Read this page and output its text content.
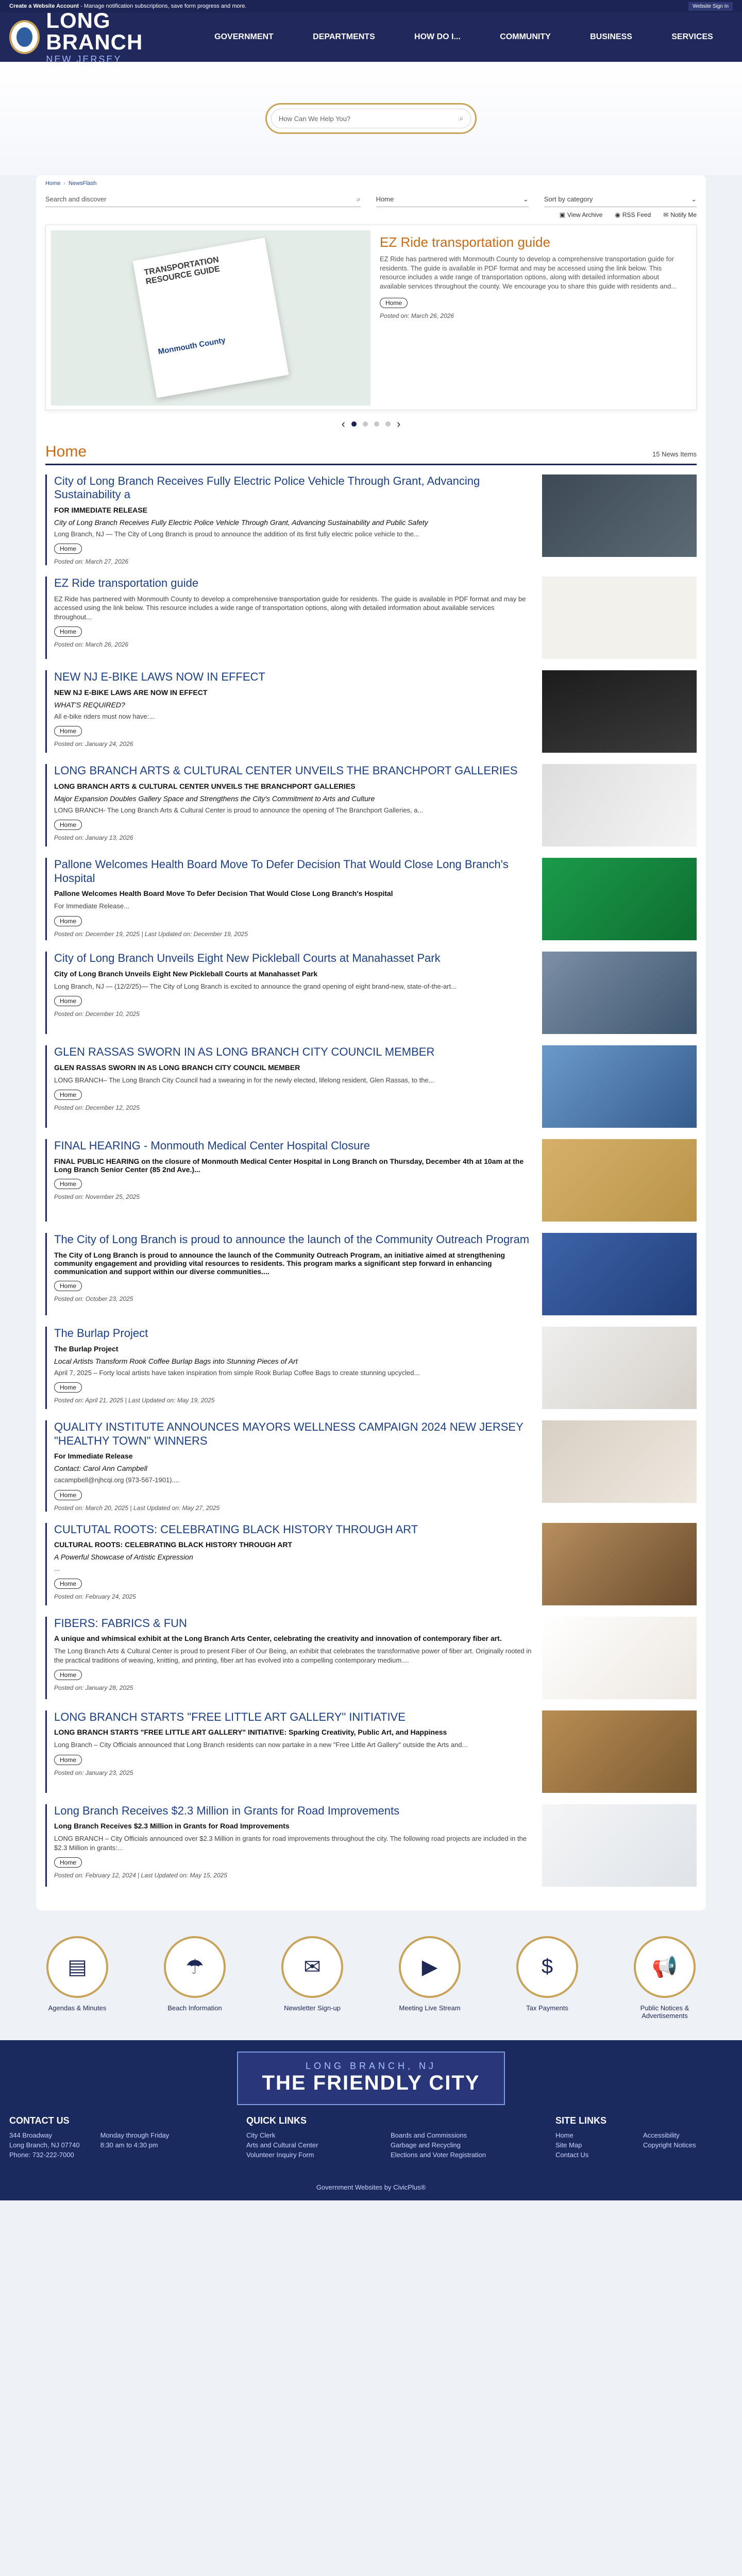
Create a Website Account - Manage notification subscriptions, save form progress and more.	Website Sign In
LONG BRANCH
NEW JERSEY
GOVERNMENT	DEPARTMENTS	HOW DO I...	COMMUNITY	BUSINESS	SERVICES
How Can We Help You?	⌕
Home › NewsFlash
Search and discover	⌕ Home	⌄ Sort by category	⌄
▣ View Archive ◉ RSS Feed ✉ Notify Me
TRANSPORTATION RESOURCE GUIDE
Monmouth County
EZ Ride transportation guide
EZ Ride has partnered with Monmouth County to develop a comprehensive transportation guide for residents. The guide is available in PDF format and may be accessed using the link below. This resource includes a wide range of transportation options, along with detailed information about available services throughout the county. We encourage you to share this guide with residents and...
Home
Posted on: March 26, 2026
‹	›
Home	15 News Items
City of Long Branch Receives Fully Electric Police Vehicle Through Grant, Advancing Sustainability a
FOR IMMEDIATE RELEASE
City of Long Branch Receives Fully Electric Police Vehicle Through Grant, Advancing Sustainability and Public Safety
Long Branch, NJ — The City of Long Branch is proud to announce the addition of its first fully electric police vehicle to the...
Home
Posted on: March 27, 2026
EZ Ride transportation guide
EZ Ride has partnered with Monmouth County to develop a comprehensive transportation guide for residents. The guide is available in PDF format and may be accessed using the link below. This resource includes a wide range of transportation options, along with detailed information about available services throughout...
Home
Posted on: March 26, 2026
NEW NJ E-BIKE LAWS NOW IN EFFECT
NEW NJ E-BIKE LAWS ARE NOW IN EFFECT
WHAT'S REQUIRED?
All e-bike riders must now have:...
Home
Posted on: January 24, 2026
LONG BRANCH ARTS & CULTURAL CENTER UNVEILS THE BRANCHPORT GALLERIES
LONG BRANCH ARTS & CULTURAL CENTER UNVEILS THE BRANCHPORT GALLERIES
Major Expansion Doubles Gallery Space and Strengthens the City's Commitment to Arts and Culture
LONG BRANCH- The Long Branch Arts & Cultural Center is proud to announce the opening of The Branchport Galleries, a...
Home
Posted on: January 13, 2026
Pallone Welcomes Health Board Move To Defer Decision That Would Close Long Branch's Hospital
Pallone Welcomes Health Board Move To Defer Decision That Would Close Long Branch's Hospital
For Immediate Release...
Home
Posted on: December 19, 2025 | Last Updated on: December 19, 2025
City of Long Branch Unveils Eight New Pickleball Courts at Manahasset Park
City of Long Branch Unveils Eight New Pickleball Courts at Manahasset Park
Long Branch, NJ — (12/2/25)— The City of Long Branch is excited to announce the grand opening of eight brand-new, state-of-the-art...
Home
Posted on: December 10, 2025
GLEN RASSAS SWORN IN AS LONG BRANCH CITY COUNCIL MEMBER
GLEN RASSAS SWORN IN AS LONG BRANCH CITY COUNCIL MEMBER
LONG BRANCH– The Long Branch City Council had a swearing in for the newly elected, lifelong resident, Glen Rassas, to the...
Home
Posted on: December 12, 2025
FINAL HEARING - Monmouth Medical Center Hospital Closure
FINAL PUBLIC HEARING on the closure of Monmouth Medical Center Hospital in Long Branch on Thursday, December 4th at 10am at the Long Branch Senior Center (85 2nd Ave.)...
Home
Posted on: November 25, 2025
The City of Long Branch is proud to announce the launch of the Community Outreach Program
The City of Long Branch is proud to announce the launch of the Community Outreach Program, an initiative aimed at strengthening community engagement and providing vital resources to residents. This program marks a significant step forward in enhancing communication and support within our diverse communities....
Home
Posted on: October 23, 2025
The Burlap Project
The Burlap Project
Local Artists Transform Rook Coffee Burlap Bags into Stunning Pieces of Art
April 7, 2025 – Forty local artists have taken inspiration from simple Rook Burlap Coffee Bags to create stunning upcycled...
Home
Posted on: April 21, 2025 | Last Updated on: May 19, 2025
QUALITY INSTITUTE ANNOUNCES MAYORS WELLNESS CAMPAIGN 2024 NEW JERSEY "HEALTHY TOWN" WINNERS
For Immediate Release
Contact: Carol Ann Campbell
cacampbell@njhcqi.org (973-567-1901)....
Home
Posted on: March 20, 2025 | Last Updated on: May 27, 2025
CULTUTAL ROOTS: CELEBRATING BLACK HISTORY THROUGH ART
CULTURAL ROOTS: CELEBRATING BLACK HISTORY THROUGH ART
A Powerful Showcase of Artistic Expression
...
Home
Posted on: February 24, 2025
FIBERS: FABRICS & FUN
A unique and whimsical exhibit at the Long Branch Arts Center, celebrating the creativity and innovation of contemporary fiber art.
The Long Branch Arts & Cultural Center is proud to present Fiber of Our Being, an exhibit that celebrates the transformative power of fiber art. Originally rooted in the practical traditions of weaving, knitting, and printing, fiber art has evolved into a compelling contemporary medium....
Home
Posted on: January 28, 2025
LONG BRANCH STARTS "FREE LITTLE ART GALLERY" INITIATIVE
LONG BRANCH STARTS "FREE LITTLE ART GALLERY" INITIATIVE: Sparking Creativity, Public Art, and Happiness
Long Branch – City Officials announced that Long Branch residents can now partake in a new "Free Little Art Gallery" outside the Arts and...
Home
Posted on: January 23, 2025
Long Branch Receives $2.3 Million in Grants for Road Improvements
Long Branch Receives $2.3 Million in Grants for Road Improvements
LONG BRANCH – City Officials announced over $2.3 Million in grants for road improvements throughout the city. The following road projects are included in the $2.3 Million in grants:...
Home
Posted on: February 12, 2024 | Last Updated on: May 15, 2025
▤
Agendas & Minutes
☂
Beach Information
✉
Newsletter Sign-up
▶
Meeting Live Stream
$
Tax Payments
📢
Public Notices & Advertisements
LONG BRANCH, NJ
THE FRIENDLY CITY
CONTACT US

344 Broadway

Long Branch, NJ 07740

Phone: 732-222-7000

Monday through Friday

8:30 am to 4:30 pm

QUICK LINKS
City Clerk	Boards and Commissions
Arts and Cultural Center	Garbage and Recycling
Volunteer Inquiry Form	Elections and Voter Registration
SITE LINKS
Home	Accessibility
Site Map	Copyright Notices
Contact Us
Government Websites by CivicPlus®
